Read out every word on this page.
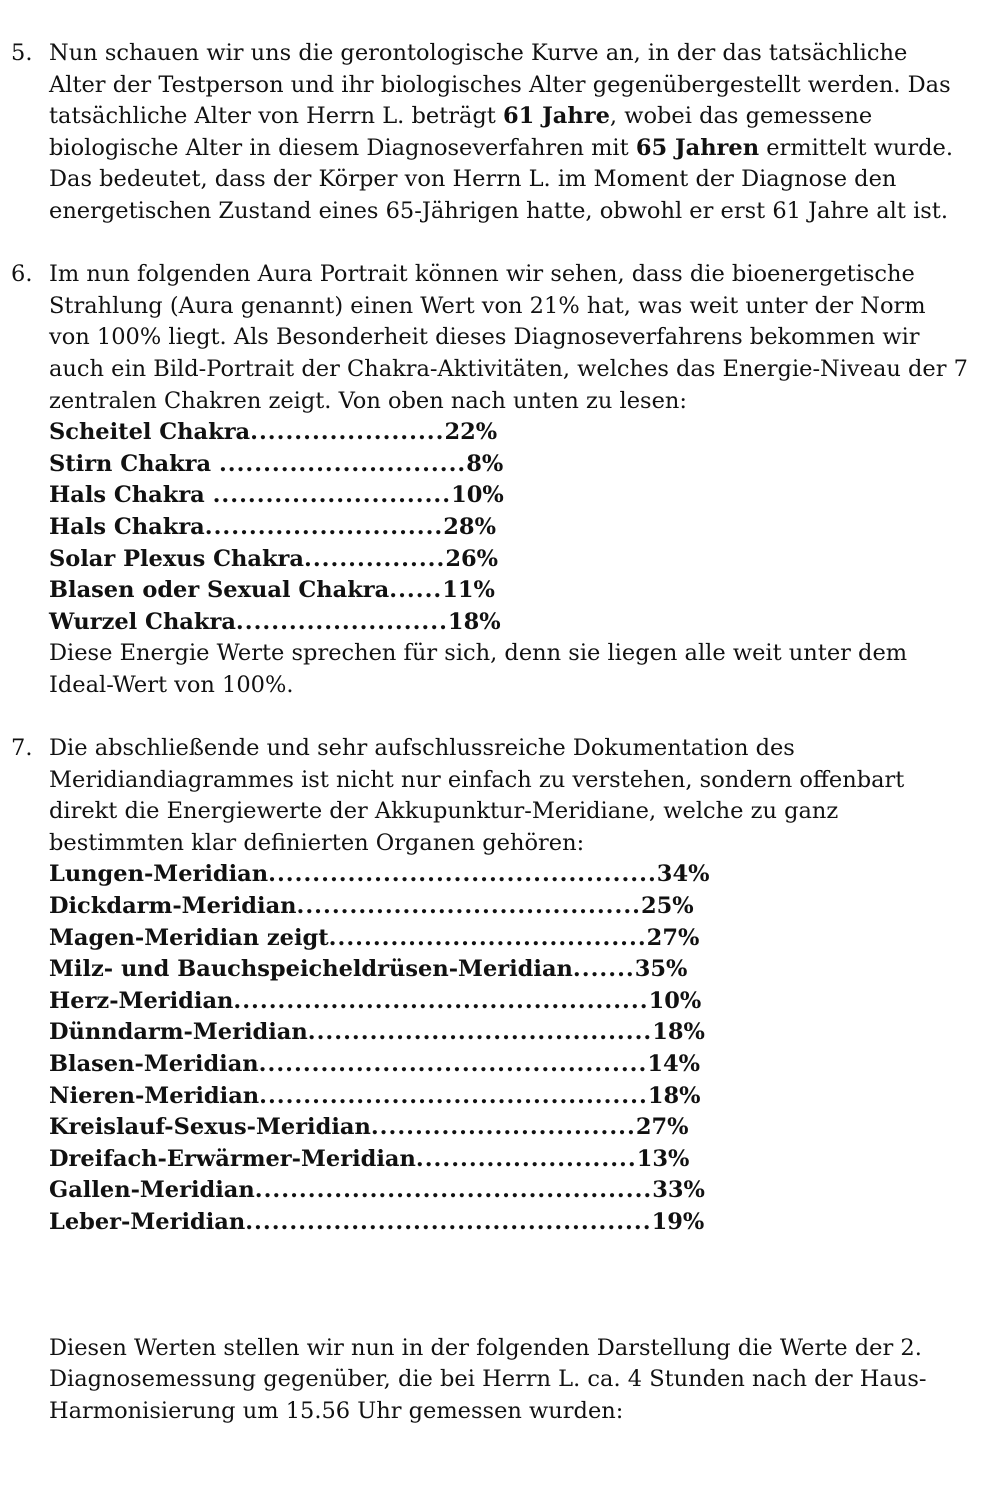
5. Nun schauen wir uns die gerontologische Kurve an, in der das tatsächliche Alter der Testperson und ihr biologisches Alter gegenübergestellt werden. Das tatsächliche Alter von Herrn L. beträgt 61 Jahre, wobei das gemessene biologische Alter in diesem Diagnoseverfahren mit 65 Jahren ermittelt wurde. Das bedeutet, dass der Körper von Herrn L. im Moment der Diagnose den energetischen Zustand eines 65-Jährigen hatte, obwohl er erst 61 Jahre alt ist.
6. Im nun folgenden Aura Portrait können wir sehen, dass die bioenergetische Strahlung (Aura genannt) einen Wert von 21% hat, was weit unter der Norm von 100% liegt. Als Besonderheit dieses Diagnoseverfahrens bekommen wir auch ein Bild-Portrait der Chakra-Aktivitäten, welches das Energie-Niveau der 7 zentralen Chakren zeigt. Von oben nach unten zu lesen:
Scheitel Chakra...................... 22%
Stirn Chakra ............................ 8%
Hals Chakra ........................... 10%
Hals Chakra........................... 28%
Solar Plexus Chakra................ 26%
Blasen oder Sexual Chakra...... 11%
Wurzel Chakra........................ 18%
Diese Energie Werte sprechen für sich, denn sie liegen alle weit unter dem Ideal-Wert von 100%.
7. Die abschließende und sehr aufschlussreiche Dokumentation des Meridiandiagrammes ist nicht nur einfach zu verstehen, sondern offenbart direkt die Energiewerte der Akkupunktur-Meridiane, welche zu ganz bestimmten klar definierten Organen gehören:
Lungen-Meridian............................................ 34%
Dickdarm-Meridian....................................... 25%
Magen-Meridian zeigt.................................... 27%
Milz- und Bauchspeicheldrüsen-Meridian....... 35%
Herz-Meridian............................................... 10%
Dünndarm-Meridian....................................... 18%
Blasen-Meridian............................................ 14%
Nieren-Meridian............................................ 18%
Kreislauf-Sexus-Meridian.............................. 27%
Dreifach-Erwärmer-Meridian......................... 13%
Gallen-Meridian............................................. 33%
Leber-Meridian.............................................. 19%
Diesen Werten stellen wir nun in der folgenden Darstellung die Werte der 2. Diagnosemessung gegenüber, die bei Herrn L. ca. 4 Stunden nach der Haus-Harmonisierung um 15.56 Uhr gemessen wurden:
